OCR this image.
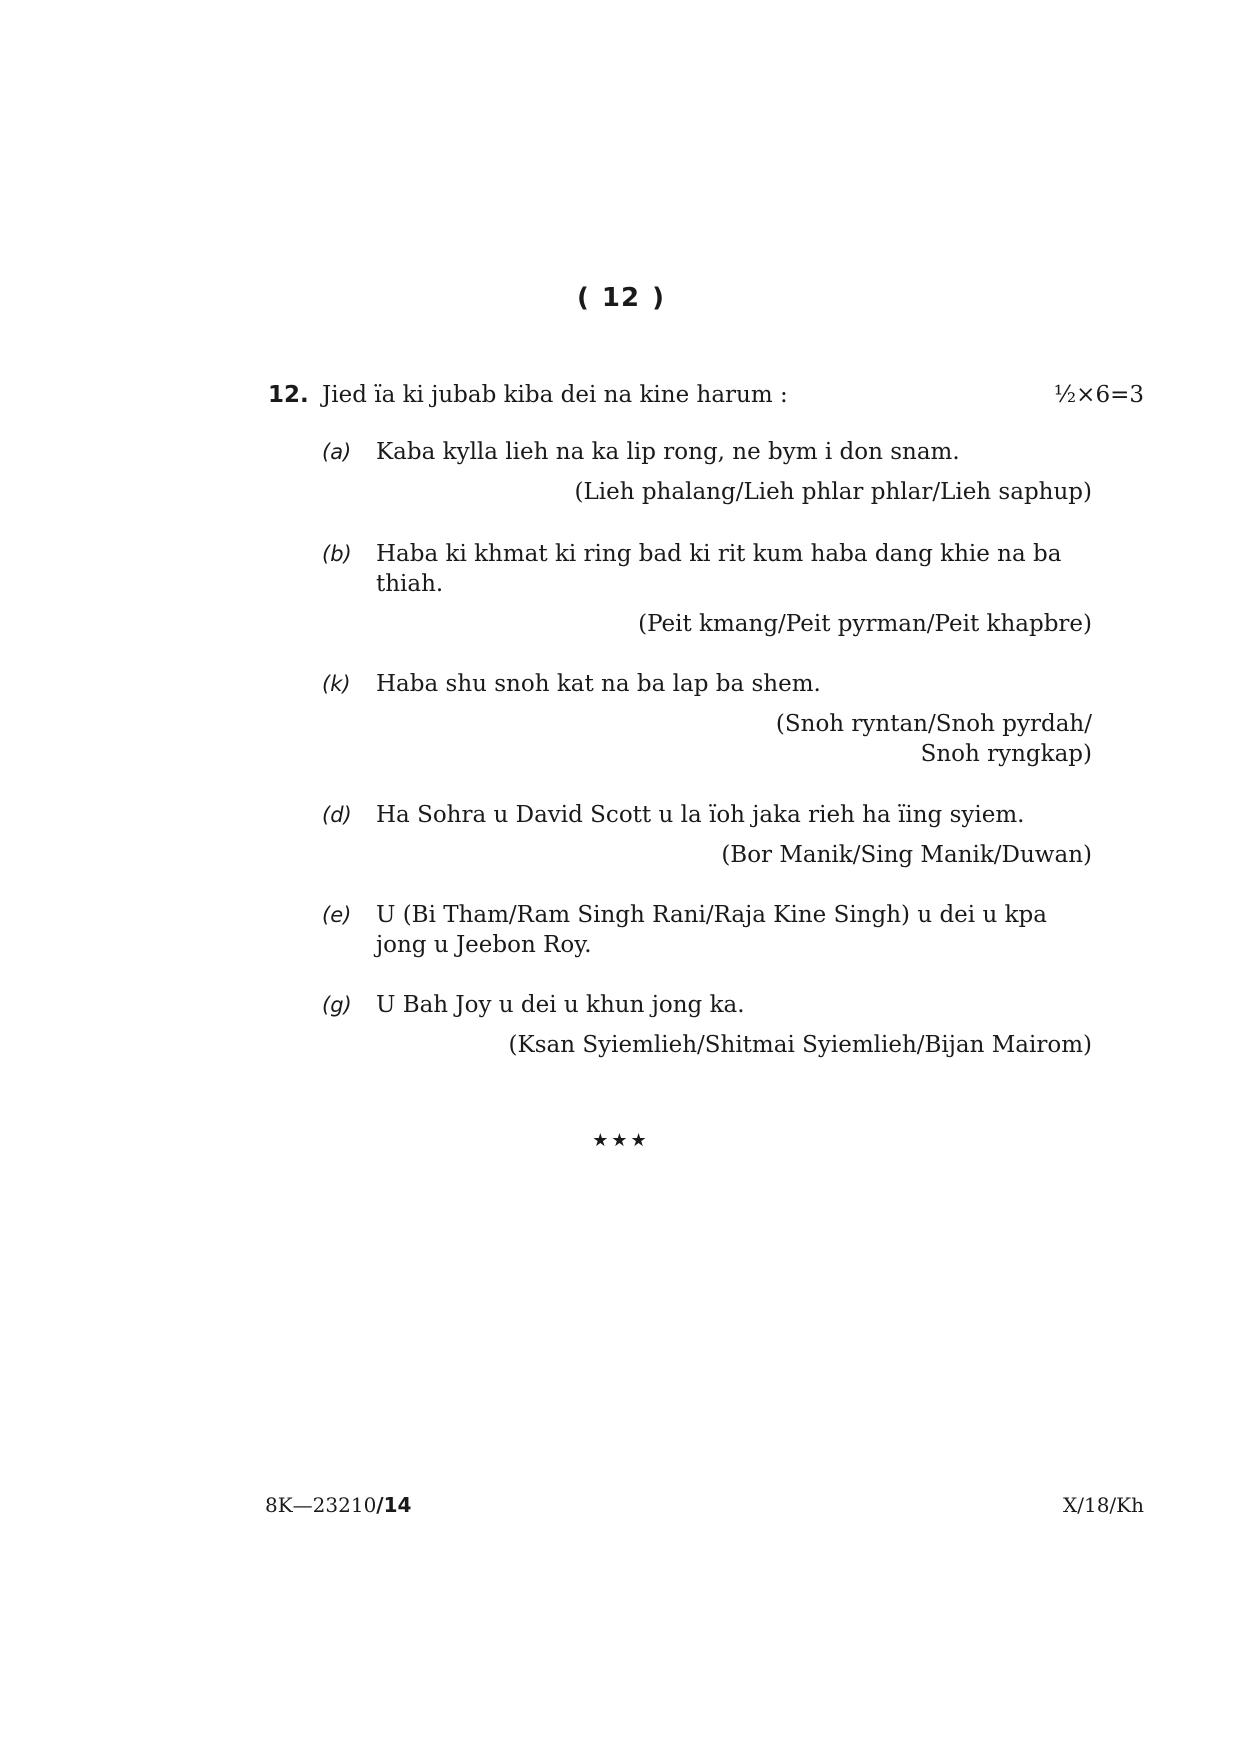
( 12 )
12. Jied ïa ki jubab kiba dei na kine harum :	½×6=3
(a) Kaba kylla lieh na ka lip rong, ne bym i don snam.
(Lieh phalang/Lieh phlar phlar/Lieh saphup)
(b) Haba ki khmat ki ring bad ki rit kum haba dang khie na ba thiah.
(Peit kmang/Peit pyrman/Peit khapbre)
(k) Haba shu snoh kat na ba lap ba shem.
(Snoh ryntan/Snoh pyrdah/
Snoh ryngkap)
(d) Ha Sohra u David Scott u la ïoh jaka rieh ha ïing syiem.
(Bor Manik/Sing Manik/Duwan)
(e) U (Bi Tham/Ram Singh Rani/Raja Kine Singh) u dei u kpa jong u Jeebon Roy.
(g) U Bah Joy u dei u khun jong ka.
(Ksan Syiemlieh/Shitmai Syiemlieh/Bijan Mairom)
★★★
8K—23210/14	X/18/Kh
